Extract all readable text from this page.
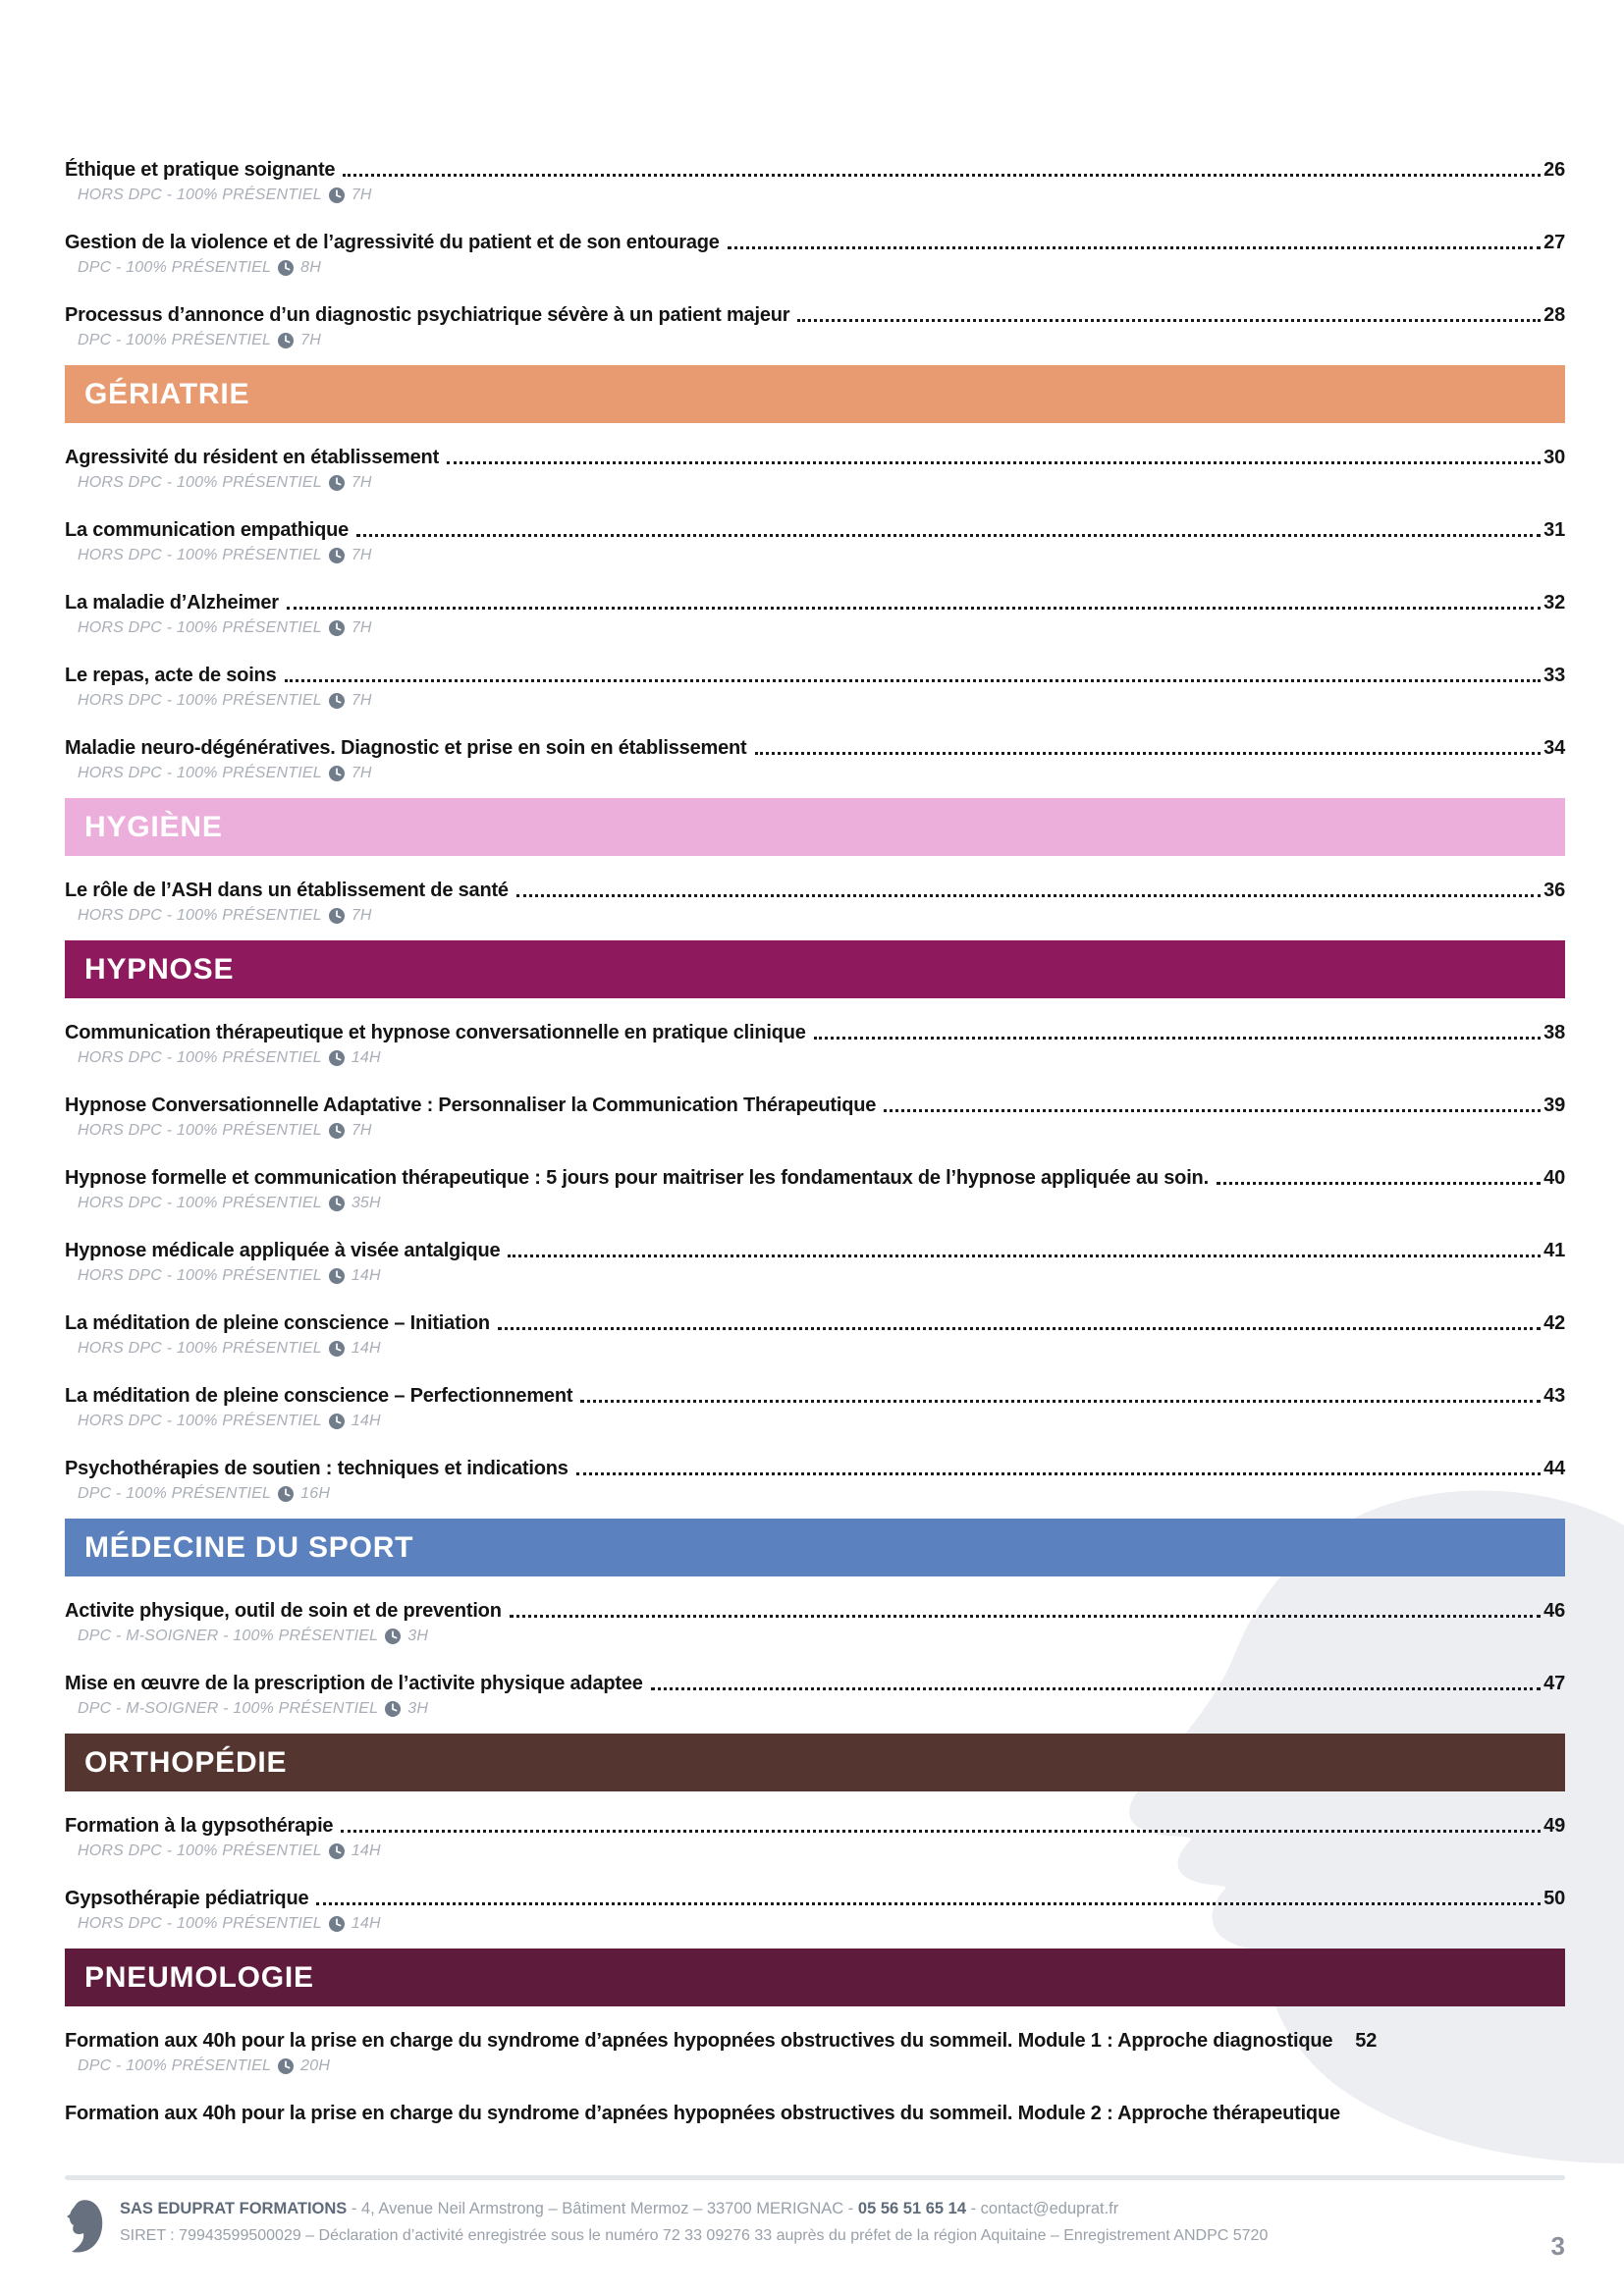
Éthique et pratique soignante	26
HORS DPC - 100% PRÉSENTIEL 7H
Gestion de la violence et de l’agressivité du patient et de son entourage	27
DPC - 100% PRÉSENTIEL 8H
Processus d’annonce d’un diagnostic psychiatrique sévère à un patient majeur	28
DPC - 100% PRÉSENTIEL 7H
GÉRIATRIE
Agressivité du résident en établissement	30
HORS DPC - 100% PRÉSENTIEL 7H
La communication empathique	31
HORS DPC - 100% PRÉSENTIEL 7H
La maladie d’Alzheimer	32
HORS DPC - 100% PRÉSENTIEL 7H
Le repas, acte de soins	33
HORS DPC - 100% PRÉSENTIEL 7H
Maladie neuro-dégénératives. Diagnostic et prise en soin en établissement	34
HORS DPC - 100% PRÉSENTIEL 7H
HYGIÈNE
Le rôle de l’ASH dans un établissement de santé	36
HORS DPC - 100% PRÉSENTIEL 7H
HYPNOSE
Communication thérapeutique et hypnose conversationnelle en pratique clinique	38
HORS DPC - 100% PRÉSENTIEL 14H
Hypnose Conversationnelle Adaptative : Personnaliser la Communication Thérapeutique	39
HORS DPC - 100% PRÉSENTIEL 7H
Hypnose formelle et communication thérapeutique : 5 jours pour maitriser les fondamentaux de l’hypnose appliquée au soin.	40
HORS DPC - 100% PRÉSENTIEL 35H
Hypnose médicale appliquée à visée antalgique	41
HORS DPC - 100% PRÉSENTIEL 14H
La méditation de pleine conscience – Initiation	42
HORS DPC - 100% PRÉSENTIEL 14H
La méditation de pleine conscience – Perfectionnement	43
HORS DPC - 100% PRÉSENTIEL 14H
Psychothérapies de soutien : techniques et indications	44
DPC - 100% PRÉSENTIEL 16H
MÉDECINE DU SPORT
Activite physique, outil de soin et de prevention	46
DPC - M-SOIGNER - 100% PRÉSENTIEL 3H
Mise en œuvre de la prescription de l’activite physique adaptee	47
DPC - M-SOIGNER - 100% PRÉSENTIEL 3H
ORTHOPÉDIE
Formation à la gypsothérapie	49
HORS DPC - 100% PRÉSENTIEL 14H
Gypsothérapie pédiatrique	50
HORS DPC - 100% PRÉSENTIEL 14H
PNEUMOLOGIE
Formation aux 40h pour la prise en charge du syndrome d’apnées hypopnées obstructives du sommeil. Module 1 : Approche diagnostique 52
DPC - 100% PRÉSENTIEL 20H
Formation aux 40h pour la prise en charge du syndrome d’apnées hypopnées obstructives du sommeil. Module 2 : Approche thérapeutique
SAS EDUPRAT FORMATIONS - 4, Avenue Neil Armstrong – Bâtiment Mermoz – 33700 MERIGNAC - 05 56 51 65 14 - contact@eduprat.fr
SIRET : 79943599500029 – Déclaration d’activité enregistrée sous le numéro 72 33 09276 33 auprès du préfet de la région Aquitaine – Enregistrement ANDPC 5720	3
